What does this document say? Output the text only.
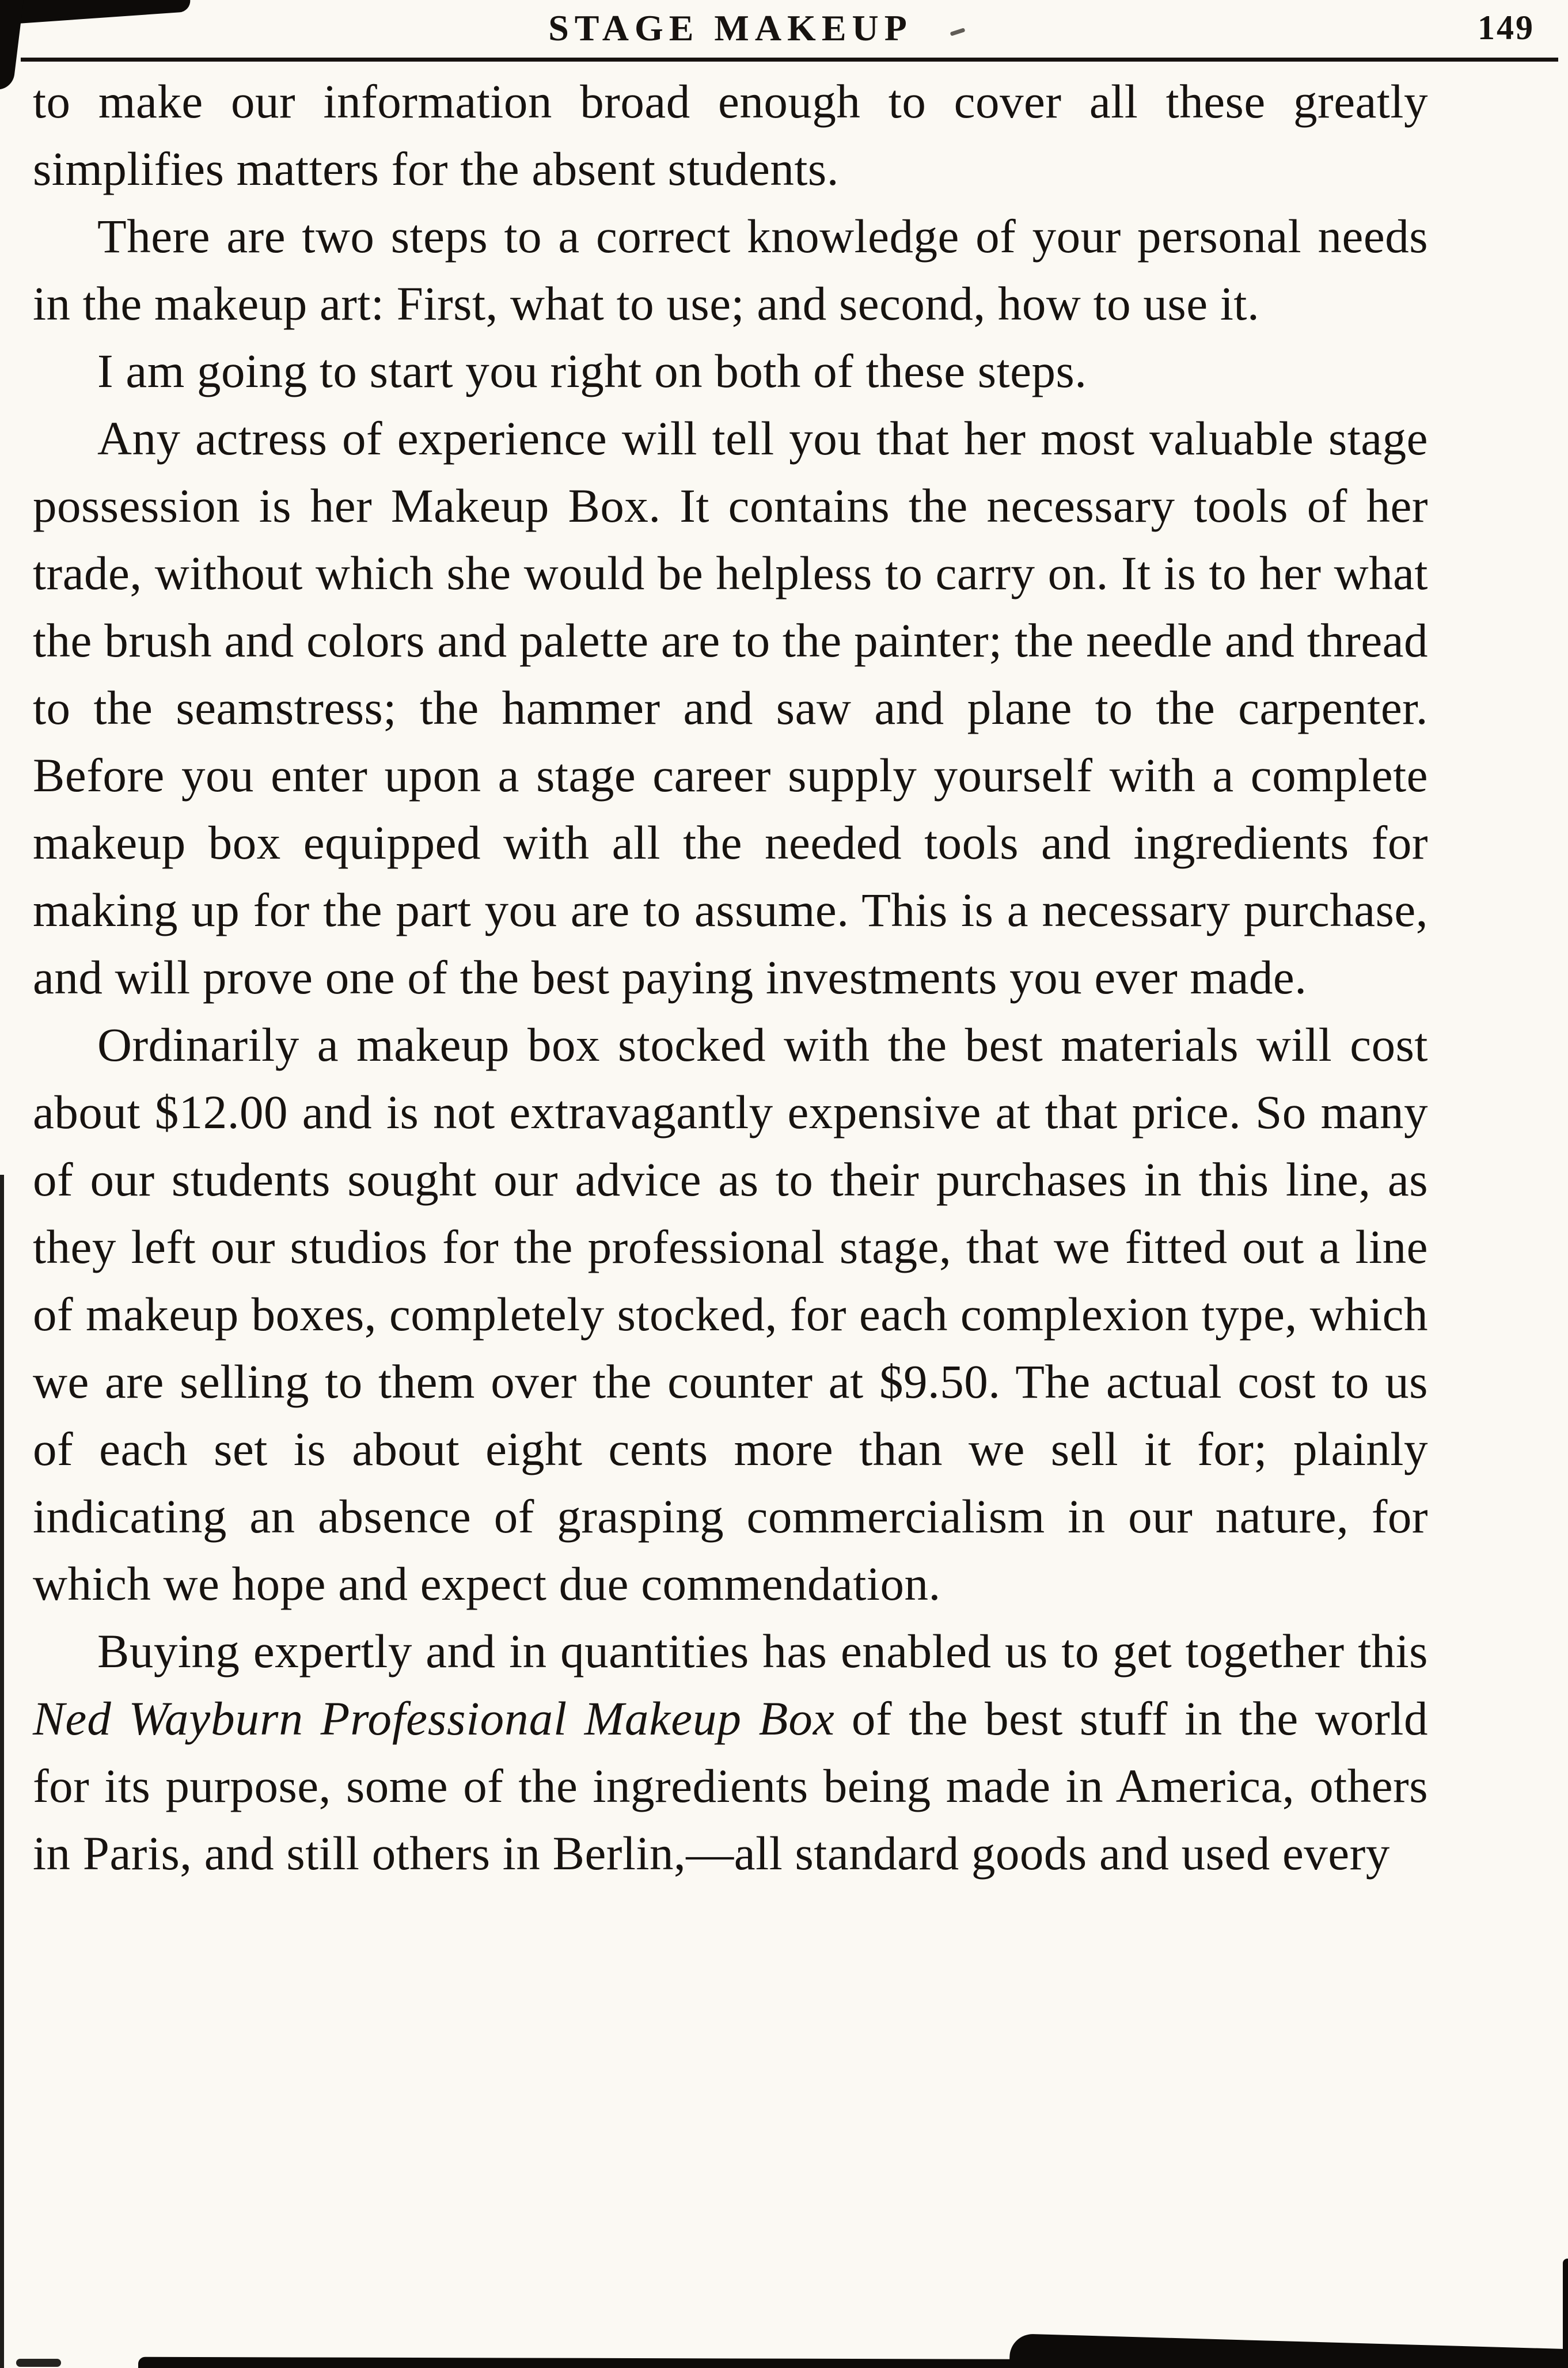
STAGE MAKEUP	149

to make our information broad enough to cover all these greatly simplifies matters for the absent students.

There are two steps to a correct knowledge of your personal needs in the makeup art: First, what to use; and second, how to use it.

I am going to start you right on both of these steps.

Any actress of experience will tell you that her most valuable stage possession is her Makeup Box. It contains the necessary tools of her trade, without which she would be helpless to carry on. It is to her what the brush and colors and palette are to the painter; the needle and thread to the seamstress; the hammer and saw and plane to the carpenter. Before you enter upon a stage career supply yourself with a complete makeup box equipped with all the needed tools and ingredients for making up for the part you are to assume. This is a necessary purchase, and will prove one of the best paying investments you ever made.

Ordinarily a makeup box stocked with the best materials will cost about $12.00 and is not extravagantly expensive at that price. So many of our students sought our advice as to their purchases in this line, as they left our studios for the professional stage, that we fitted out a line of makeup boxes, completely stocked, for each complexion type, which we are selling to them over the counter at $9.50. The actual cost to us of each set is about eight cents more than we sell it for; plainly indicating an absence of grasping commercialism in our nature, for which we hope and expect due commendation.

Buying expertly and in quantities has enabled us to get together this Ned Wayburn Professional Makeup Box of the best stuff in the world for its purpose, some of the ingredients being made in America, others in Paris, and still others in Berlin,—all standard goods and used every
